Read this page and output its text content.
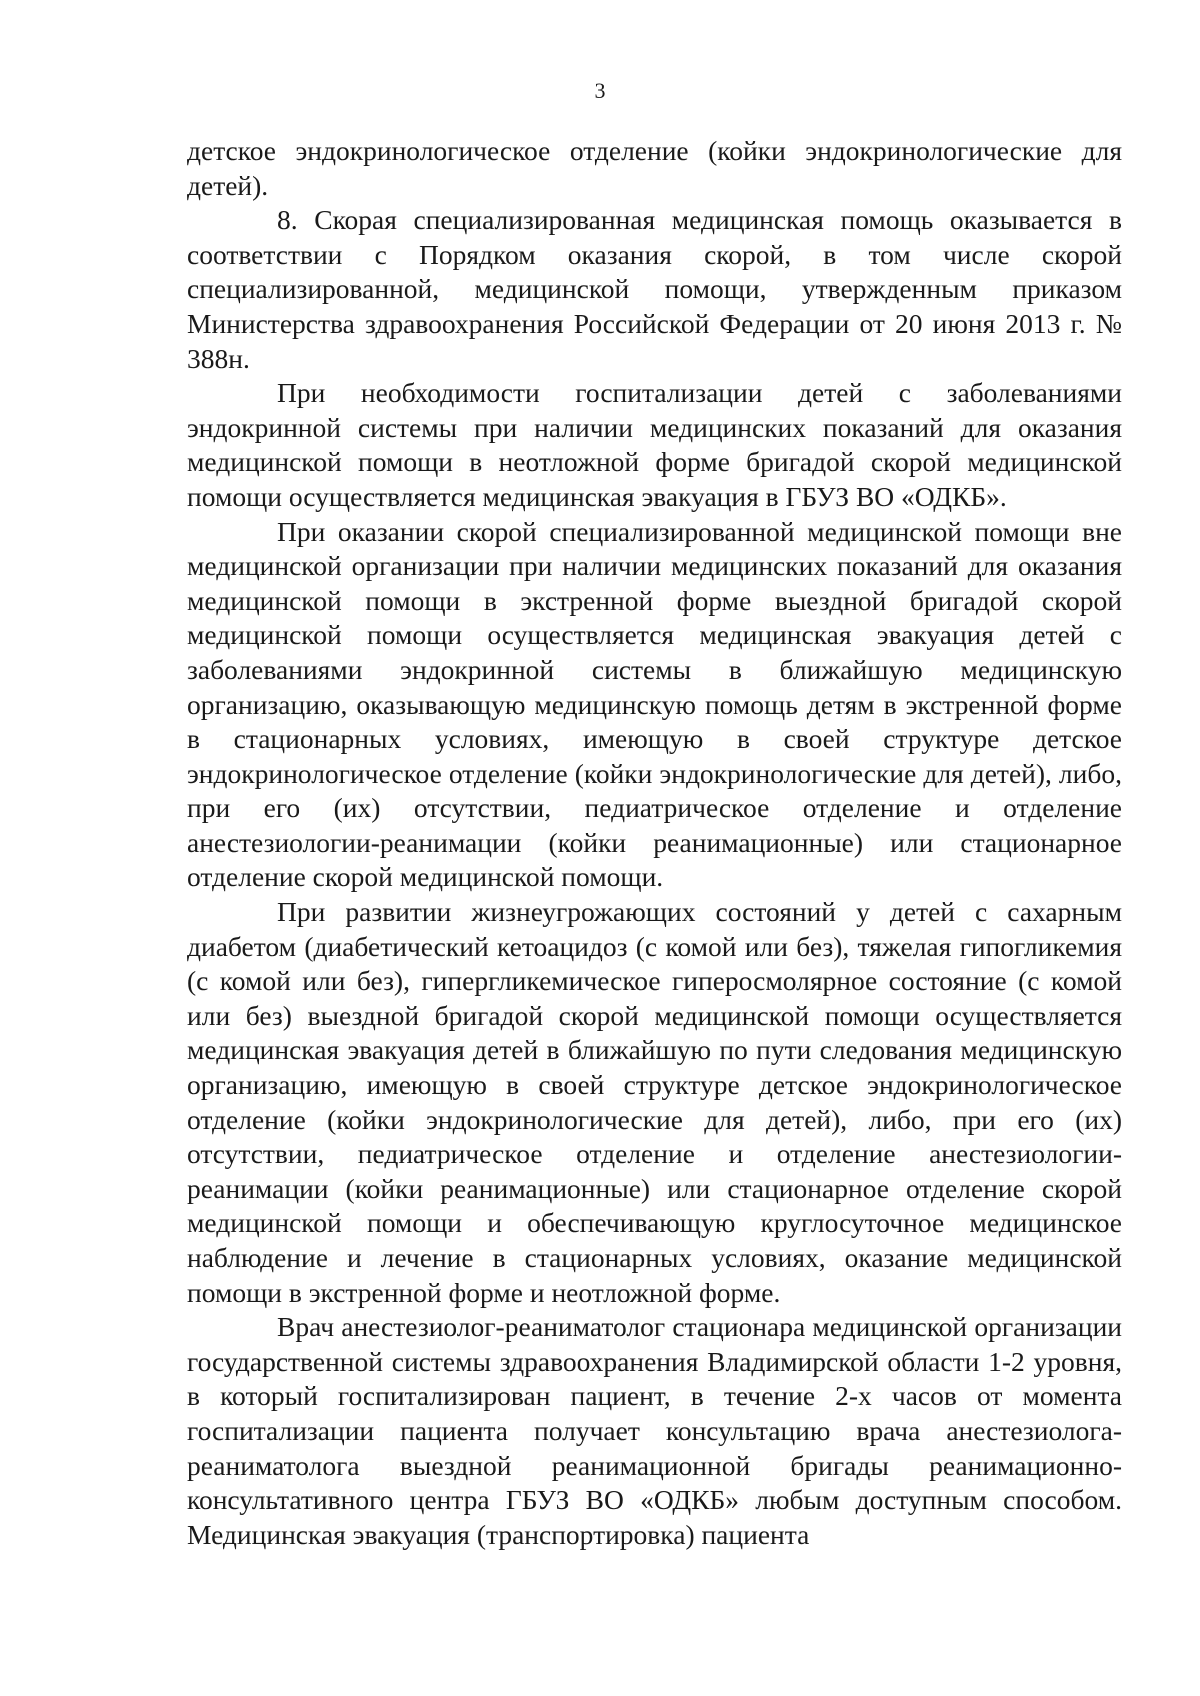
3

детское эндокринологическое отделение (койки эндокринологические для детей).

8. Скорая специализированная медицинская помощь оказывается в соответствии с Порядком оказания скорой, в том числе скорой специализированной, медицинской помощи, утвержденным приказом Министерства здравоохранения Российской Федерации от 20 июня 2013 г. № 388н.

При необходимости госпитализации детей с заболеваниями эндокринной системы при наличии медицинских показаний для оказания медицинской помощи в неотложной форме бригадой скорой медицинской помощи осуществляется медицинская эвакуация в ГБУЗ ВО «ОДКБ».

При оказании скорой специализированной медицинской помощи вне медицинской организации при наличии медицинских показаний для оказания медицинской помощи в экстренной форме выездной бригадой скорой медицинской помощи осуществляется медицинская эвакуация детей с заболеваниями эндокринной системы в ближайшую медицинскую организацию, оказывающую медицинскую помощь детям в экстренной форме в стационарных условиях, имеющую в своей структуре детское эндокринологическое отделение (койки эндокринологические для детей), либо, при его (их) отсутствии, педиатрическое отделение и отделение анестезиологии-реанимации (койки реанимационные) или стационарное отделение скорой медицинской помощи.

При развитии жизнеугрожающих состояний у детей с сахарным диабетом (диабетический кетоацидоз (с комой или без), тяжелая гипогликемия (с комой или без), гипергликемическое гиперосмолярное состояние (с комой или без) выездной бригадой скорой медицинской помощи осуществляется медицинская эвакуация детей в ближайшую по пути следования медицинскую организацию, имеющую в своей структуре детское эндокринологическое отделение (койки эндокринологические для детей), либо, при его (их) отсутствии, педиатрическое отделение и отделение анестезиологии-реанимации (койки реанимационные) или стационарное отделение скорой медицинской помощи и обеспечивающую круглосуточное медицинское наблюдение и лечение в стационарных условиях, оказание медицинской помощи в экстренной форме и неотложной форме.

Врач анестезиолог-реаниматолог стационара медицинской организации государственной системы здравоохранения Владимирской области 1-2 уровня, в который госпитализирован пациент, в течение 2-х часов от момента госпитализации пациента получает консультацию врача анестезиолога-реаниматолога выездной реанимационной бригады реанимационно-консультативного центра ГБУЗ ВО «ОДКБ» любым доступным способом. Медицинская эвакуация (транспортировка) пациента
